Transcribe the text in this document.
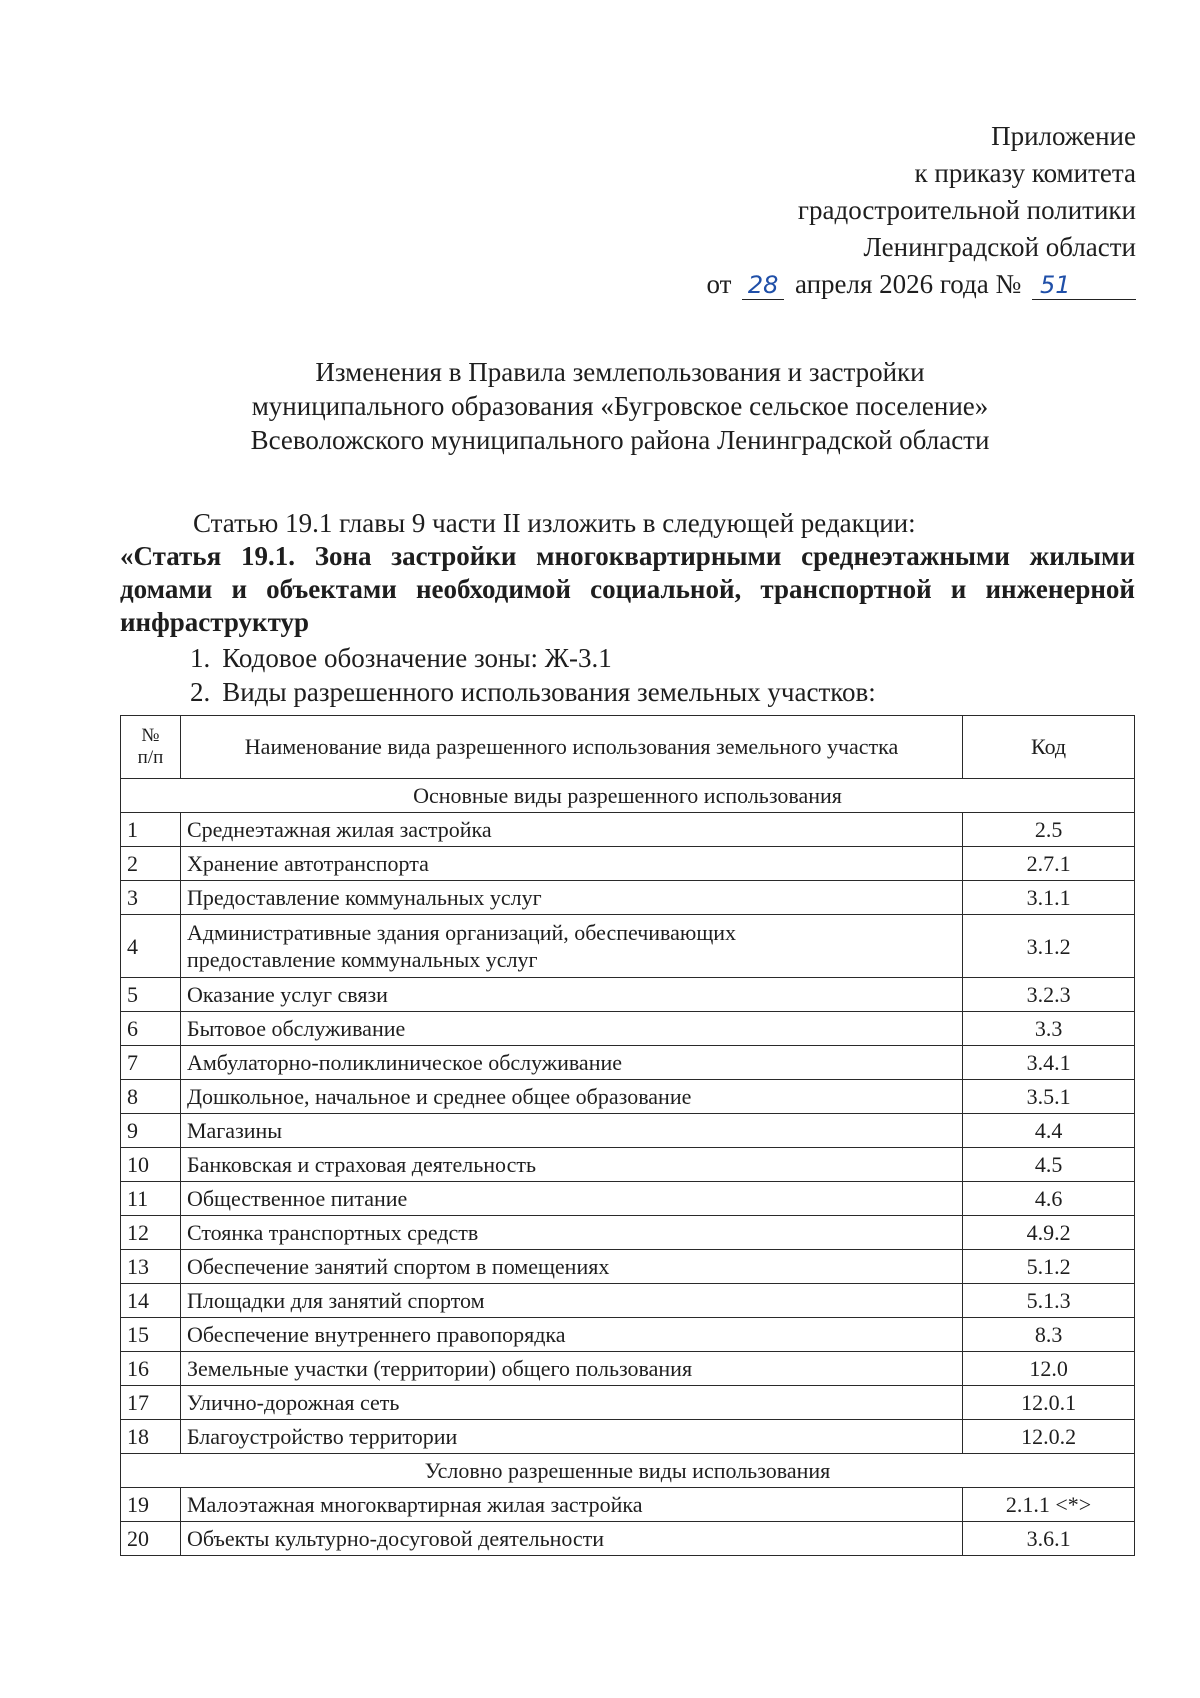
Приложение
к приказу комитета
градостроительной политики
Ленинградской области
от 28 апреля 2026 года № 51
Изменения в Правила землепользования и застройки
муниципального образования «Бугровское сельское поселение»
Всеволожского муниципального района Ленинградской области
Статью 19.1 главы 9 части II изложить в следующей редакции:
«Статья 19.1. Зона застройки многоквартирными среднеэтажными жилыми домами и объектами необходимой социальной, транспортной и инженерной инфраструктур
1. Кодовое обозначение зоны: Ж-3.1
2. Виды разрешенного использования земельных участков:
№
п/п	Наименование вида разрешенного использования земельного участка	Код
Основные виды разрешенного использования		
1	Среднеэтажная жилая застройка	2.5
2	Хранение автотранспорта	2.7.1
3	Предоставление коммунальных услуг	3.1.1
4	Административные здания организаций, обеспечивающих
предоставление коммунальных услуг	3.1.2
5	Оказание услуг связи	3.2.3
6	Бытовое обслуживание	3.3
7	Амбулаторно-поликлиническое обслуживание	3.4.1
8	Дошкольное, начальное и среднее общее образование	3.5.1
9	Магазины	4.4
10	Банковская и страховая деятельность	4.5
11	Общественное питание	4.6
12	Стоянка транспортных средств	4.9.2
13	Обеспечение занятий спортом в помещениях	5.1.2
14	Площадки для занятий спортом	5.1.3
15	Обеспечение внутреннего правопорядка	8.3
16	Земельные участки (территории) общего пользования	12.0
17	Улично-дорожная сеть	12.0.1
18	Благоустройство территории	12.0.2
Условно разрешенные виды использования		
19	Малоэтажная многоквартирная жилая застройка	2.1.1 <*>
20	Объекты культурно-досуговой деятельности	3.6.1
